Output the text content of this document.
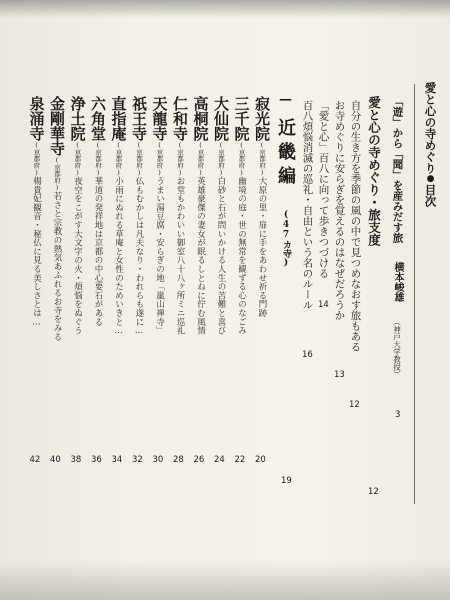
愛と心の寺めぐり●目次
「遊」から「聞」を産みだす旅
横本峻雄
（神戸大学教授）
3
愛と心の寺めぐり・旅支度
12
自分の生き方を季節の風の中で見つめなおす旅もある
12
お寺めぐりに安らぎを覚えるのはなぜだろうか
13
「愛と心」百八に向って歩きつづける
14
百八煩悩消滅の巡礼・自由という名のルール
16
—
近畿編
(47カ寺)
19
寂光院(京都府)大原の里・扉に手をあわせ祈る門跡
20
三千院(京都府)幽境の庭・世の無常を観ずる心のなごみ
22
大仙院(京都府)白砂と石が問いかける人生の苦難と喜び
24
高桐院(京都府)英雄豪傑の妻女が眠るしとねに佇む風情
26
仁和寺(京都府)お堂もかわいい御室八十八ヶ所ミニ巡礼
28
天龍寺(京都府)うまい湯豆腐・安らぎの地「嵐山禅寺」
30
祇王寺(京都府)仏もむかしは凡夫なり・われらも遂に…
32
直指庵(京都府)小雨にぬれる草庵と女性のためいきと…
34
六角堂(京都府)華道の発祥地は京都の中心要石がある
36
浄土院(京都府)夜空をこがす大文字の火・煩悩をぬぐう
38
金剛華寺(京都府)若さと宗教の熱気あふれるお寺をみる
40
泉涌寺(京都府)楊貴妃観音・秘仏に見る美しさとは…
42
